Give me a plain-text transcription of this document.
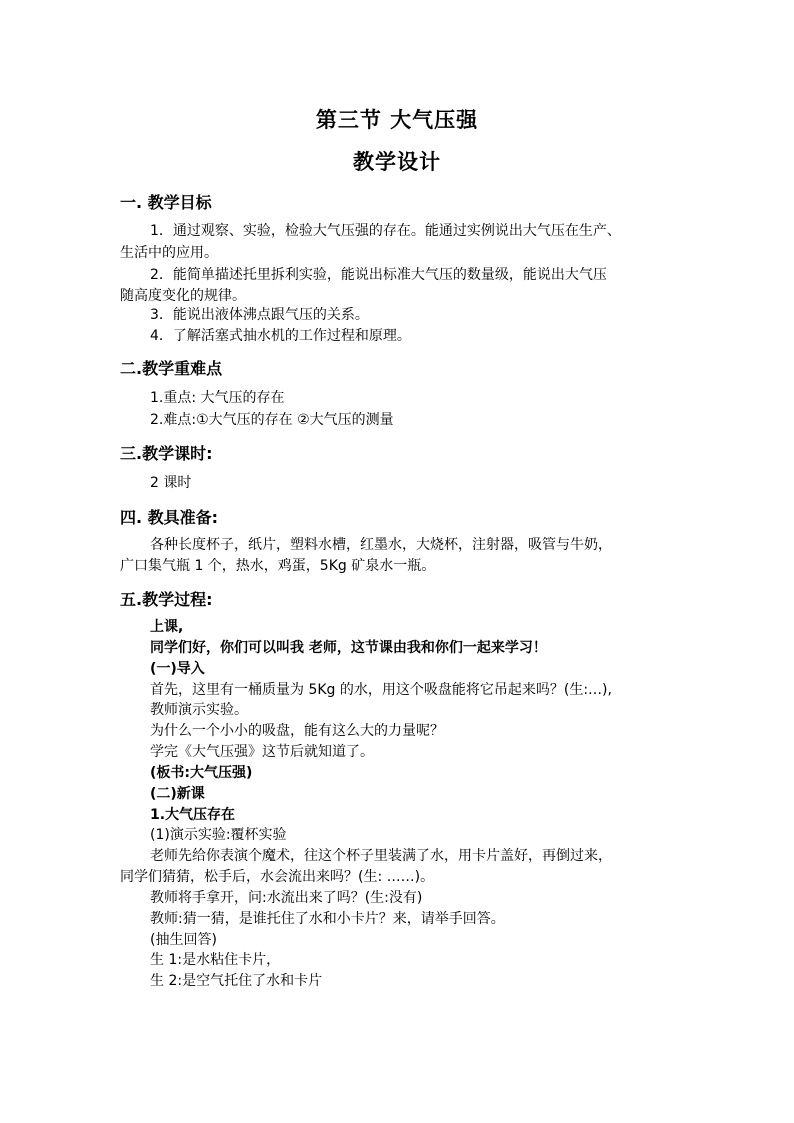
第三节 大气压强
教学设计
一. 教学目标
1．通过观察、实验，检验大气压强的存在。能通过实例说出大气压在生产、
生活中的应用。
2．能简单描述托里拆利实验，能说出标准大气压的数量级，能说出大气压
随高度变化的规律。
3．能说出液体沸点跟气压的关系。
4．了解活塞式抽水机的工作过程和原理。
二.教学重难点
1.重点: 大气压的存在
2.难点:①大气压的存在 ②大气压的测量
三.教学课时:
2 课时
四. 教具准备:
各种长度杯子，纸片，塑料水槽，红墨水，大烧杯，注射器，吸管与牛奶，
广口集气瓶 1 个，热水，鸡蛋，5Kg 矿泉水一瓶。
五.教学过程:
上课,
同学们好，你们可以叫我 老师，这节课由我和你们一起来学习！
(一)导入
首先，这里有一桶质量为 5Kg 的水，用这个吸盘能将它吊起来吗？(生:…),
教师演示实验。
为什么一个小小的吸盘，能有这么大的力量呢？
学完《大气压强》这节后就知道了。
(板书:大气压强)
(二)新课
1.大气压存在
(1)演示实验:覆杯实验
老师先给你表演个魔术，往这个杯子里装满了水，用卡片盖好，再倒过来，
同学们猜猜，松手后，水会流出来吗？(生: ……)。
教师将手拿开，问:水流出来了吗？(生:没有)
教师:猜一猜，是谁托住了水和小卡片？来，请举手回答。
(抽生回答)
生 1:是水粘住卡片，
生 2:是空气托住了水和卡片
